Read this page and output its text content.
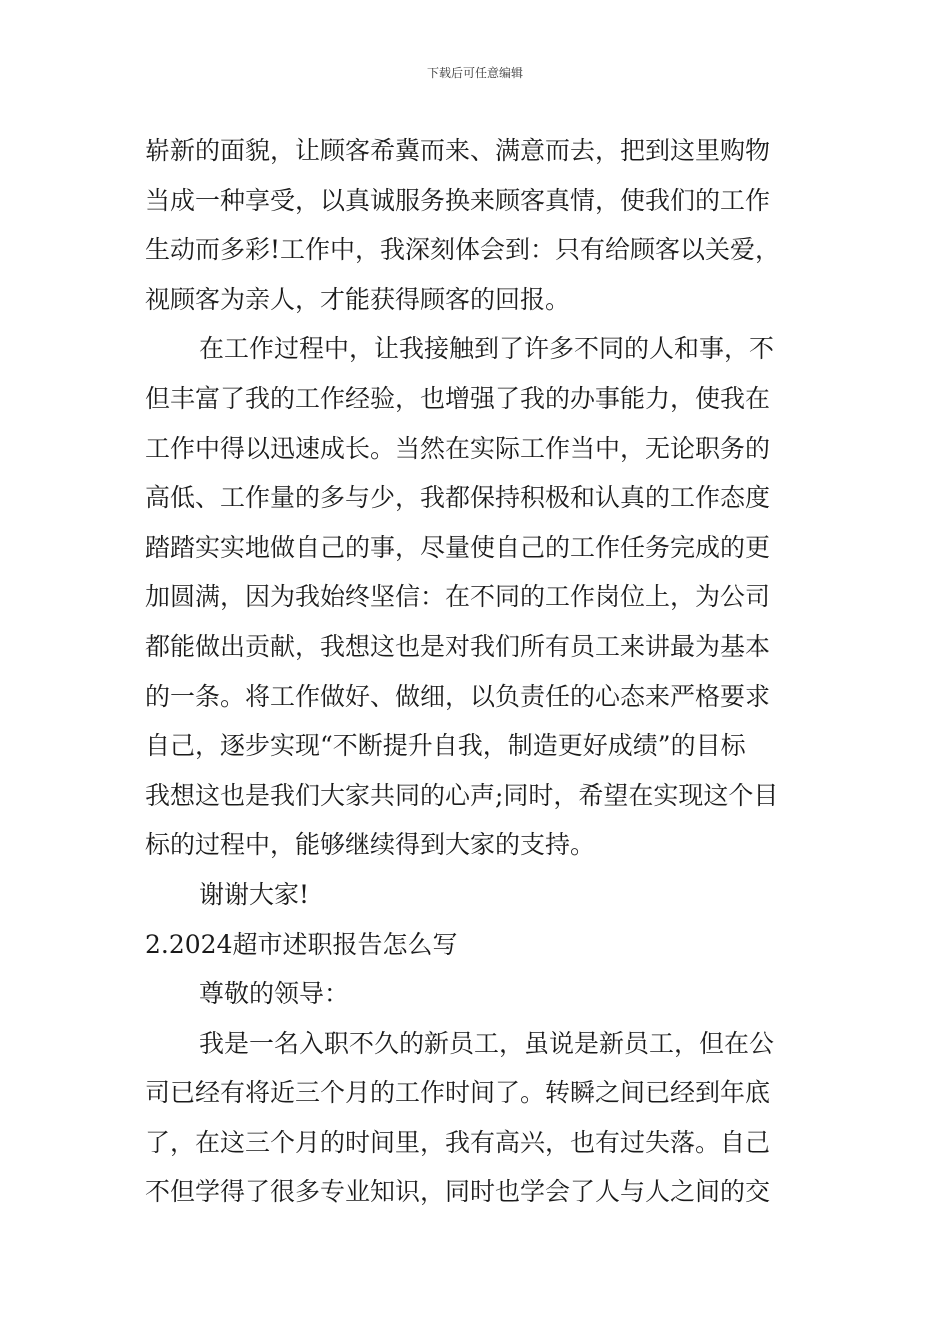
下载后可任意编辑
崭新的面貌，让顾客希冀而来、满意而去，把到这里购物
当成一种享受，以真诚服务换来顾客真情，使我们的工作
生动而多彩!工作中，我深刻体会到：只有给顾客以关爱，
视顾客为亲人，才能获得顾客的回报。
在工作过程中，让我接触到了许多不同的人和事，不
但丰富了我的工作经验，也增强了我的办事能力，使我在
工作中得以迅速成长。当然在实际工作当中，无论职务的
高低、工作量的多与少，我都保持积极和认真的工作态度
踏踏实实地做自己的事，尽量使自己的工作任务完成的更
加圆满，因为我始终坚信：在不同的工作岗位上，为公司
都能做出贡献，我想这也是对我们所有员工来讲最为基本
的一条。将工作做好、做细，以负责任的心态来严格要求
自己，逐步实现“不断提升自我，制造更好成绩”的目标
我想这也是我们大家共同的心声;同时，希望在实现这个目
标的过程中，能够继续得到大家的支持。
谢谢大家!
2.2024超市述职报告怎么写
尊敬的领导：
我是一名入职不久的新员工，虽说是新员工，但在公
司已经有将近三个月的工作时间了。转瞬之间已经到年底
了，在这三个月的时间里，我有高兴，也有过失落。自己
不但学得了很多专业知识，同时也学会了人与人之间的交
